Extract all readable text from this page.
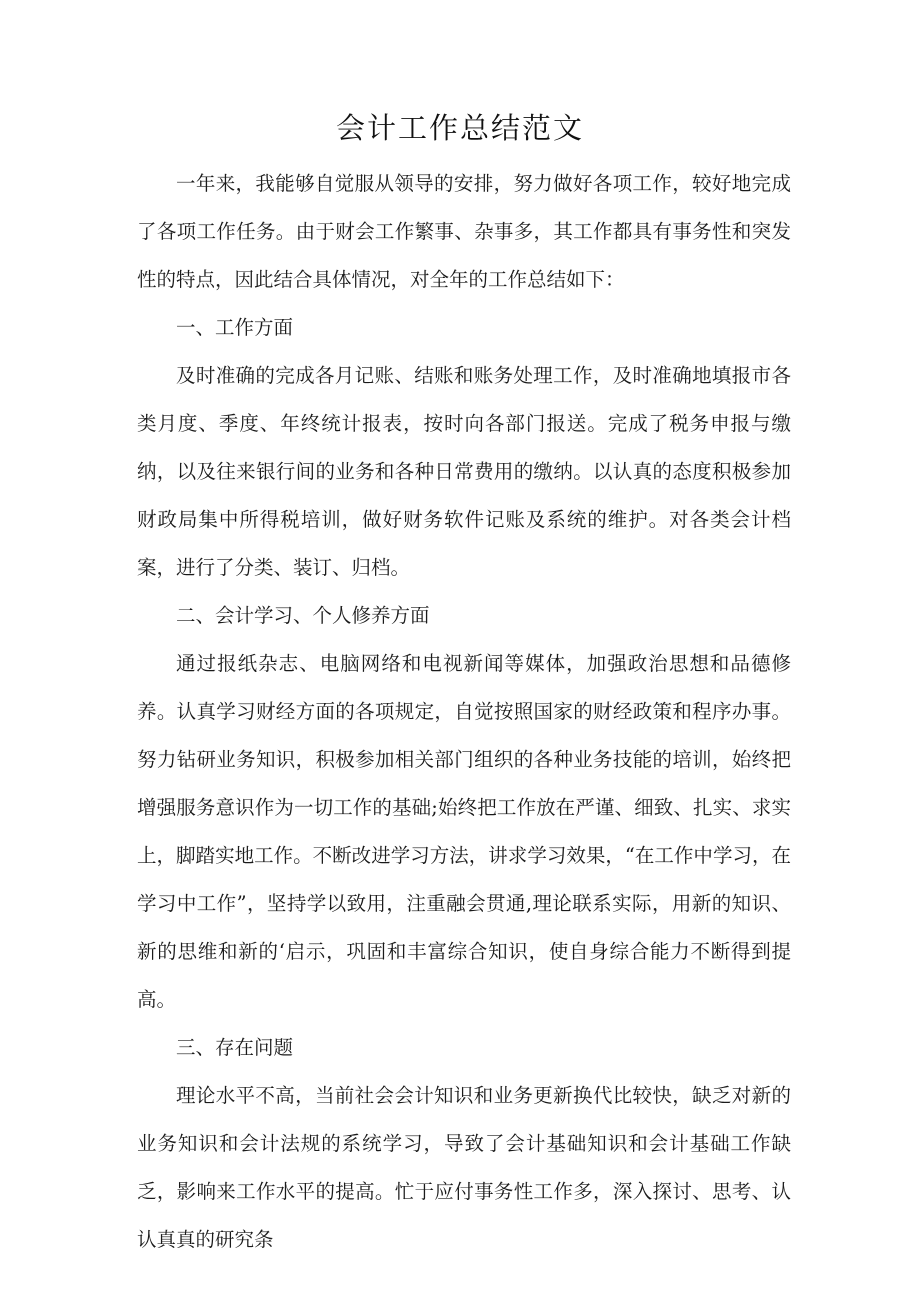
会计工作总结范文

一年来，我能够自觉服从领导的安排，努力做好各项工作，较好地完成了各项工作任务。由于财会工作繁事、杂事多，其工作都具有事务性和突发性的特点，因此结合具体情况，对全年的工作总结如下：

一、工作方面

及时准确的完成各月记账、结账和账务处理工作，及时准确地填报市各类月度、季度、年终统计报表，按时向各部门报送。完成了税务申报与缴纳，以及往来银行间的业务和各种日常费用的缴纳。以认真的态度积极参加财政局集中所得税培训，做好财务软件记账及系统的维护。对各类会计档案，进行了分类、装订、归档。

二、会计学习、个人修养方面

通过报纸杂志、电脑网络和电视新闻等媒体，加强政治思想和品德修养。认真学习财经方面的各项规定，自觉按照国家的财经政策和程序办事。努力钻研业务知识，积极参加相关部门组织的各种业务技能的培训，始终把增强服务意识作为一切工作的基础;始终把工作放在严谨、细致、扎实、求实上，脚踏实地工作。不断改进学习方法，讲求学习效果，“在工作中学习，在学习中工作”，坚持学以致用，注重融会贯通,理论联系实际，用新的知识、新的思维和新的‘启示，巩固和丰富综合知识，使自身综合能力不断得到提高。

三、存在问题

理论水平不高，当前社会会计知识和业务更新换代比较快，缺乏对新的业务知识和会计法规的系统学习，导致了会计基础知识和会计基础工作缺乏，影响来工作水平的提高。忙于应付事务性工作多，深入探讨、思考、认认真真的研究条
